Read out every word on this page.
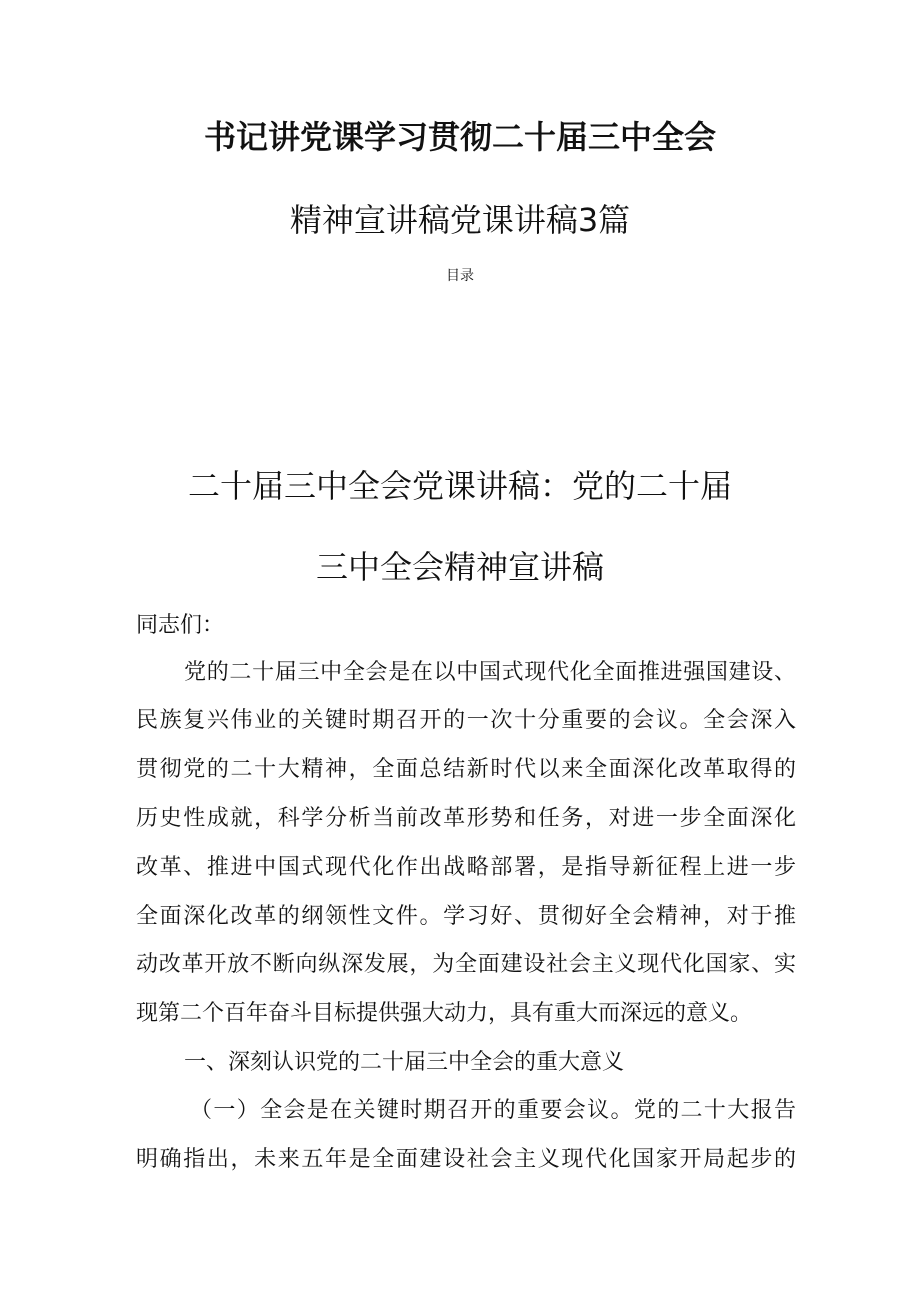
书记讲党课学习贯彻二十届三中全会
精神宣讲稿党课讲稿3篇
目录
二十届三中全会党课讲稿：党的二十届
三中全会精神宣讲稿
同志们：
党的二十届三中全会是在以中国式现代化全面推进强国建设、
民族复兴伟业的关键时期召开的一次十分重要的会议。全会深入
贯彻党的二十大精神，全面总结新时代以来全面深化改革取得的
历史性成就，科学分析当前改革形势和任务，对进一步全面深化
改革、推进中国式现代化作出战略部署，是指导新征程上进一步
全面深化改革的纲领性文件。学习好、贯彻好全会精神，对于推
动改革开放不断向纵深发展，为全面建设社会主义现代化国家、实
现第二个百年奋斗目标提供强大动力，具有重大而深远的意义。
一、深刻认识党的二十届三中全会的重大意义
（一）全会是在关键时期召开的重要会议。党的二十大报告
明确指出，未来五年是全面建设社会主义现代化国家开局起步的
